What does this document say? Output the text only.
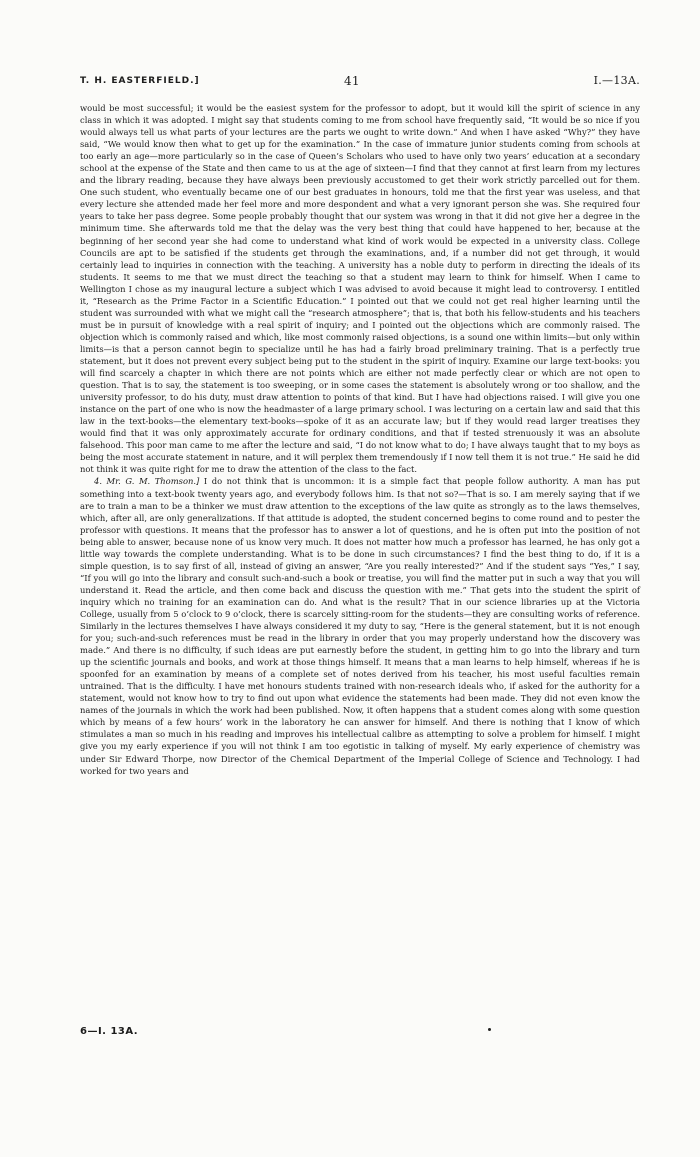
T. H. EASTERFIELD.]	41	I.—13A.

would be most successful; it would be the easiest system for the professor to adopt, but it would kill the spirit of science in any class in which it was adopted. I might say that students coming to me from school have frequently said, “It would be so nice if you would always tell us what parts of your lectures are the parts we ought to write down.” And when I have asked “Why?” they have said, “We would know then what to get up for the examination.” In the case of immature junior students coming from schools at too early an age—more particularly so in the case of Queen’s Scholars who used to have only two years’ education at a secondary school at the expense of the State and then came to us at the age of sixteen—I find that they cannot at first learn from my lectures and the library reading, because they have always been previously accustomed to get their work strictly parcelled out for them. One such student, who eventually became one of our best graduates in honours, told me that the first year was useless, and that every lecture she attended made her feel more and more despondent and what a very ignorant person she was. She required four years to take her pass degree. Some people probably thought that our system was wrong in that it did not give her a degree in the minimum time. She afterwards told me that the delay was the very best thing that could have happened to her, because at the beginning of her second year she had come to understand what kind of work would be expected in a university class. College Councils are apt to be satisfied if the students get through the examinations, and, if a number did not get through, it would certainly lead to inquiries in connection with the teaching. A university has a noble duty to perform in directing the ideals of its students. It seems to me that we must direct the teaching so that a student may learn to think for himself. When I came to Wellington I chose as my inaugural lecture a subject which I was advised to avoid because it might lead to controversy. I entitled it, “Research as the Prime Factor in a Scientific Education.” I pointed out that we could not get real higher learning until the student was surrounded with what we might call the “research atmosphere”; that is, that both his fellow-students and his teachers must be in pursuit of knowledge with a real spirit of inquiry; and I pointed out the objections which are commonly raised. The objection which is commonly raised and which, like most commonly raised objections, is a sound one within limits—but only within limits—is that a person cannot begin to specialize until he has had a fairly broad preliminary training. That is a perfectly true statement, but it does not prevent every subject being put to the student in the spirit of inquiry. Examine our large text-books: you will find scarcely a chapter in which there are not points which are either not made perfectly clear or which are not open to question. That is to say, the statement is too sweeping, or in some cases the statement is absolutely wrong or too shallow, and the university professor, to do his duty, must draw attention to points of that kind. But I have had objections raised. I will give you one instance on the part of one who is now the headmaster of a large primary school. I was lecturing on a certain law and said that this law in the text-books—the elementary text-books—spoke of it as an accurate law; but if they would read larger treatises they would find that it was only approximately accurate for ordinary conditions, and that if tested strenuously it was an absolute falsehood. This poor man came to me after the lecture and said, “I do not know what to do; I have always taught that to my boys as being the most accurate statement in nature, and it will perplex them tremendously if I now tell them it is not true.” He said he did not think it was quite right for me to draw the attention of the class to the fact.

4. Mr. G. M. Thomson.] I do not think that is uncommon: it is a simple fact that people follow authority. A man has put something into a text-book twenty years ago, and everybody follows him. Is that not so?—That is so. I am merely saying that if we are to train a man to be a thinker we must draw attention to the exceptions of the law quite as strongly as to the laws themselves, which, after all, are only generalizations. If that attitude is adopted, the student concerned begins to come round and to pester the professor with questions. It means that the professor has to answer a lot of questions, and he is often put into the position of not being able to answer, because none of us know very much. It does not matter how much a professor has learned, he has only got a little way towards the complete understanding. What is to be done in such circumstances? I find the best thing to do, if it is a simple question, is to say first of all, instead of giving an answer, “Are you really interested?” And if the student says “Yes,” I say, “If you will go into the library and consult such-and-such a book or treatise, you will find the matter put in such a way that you will understand it. Read the article, and then come back and discuss the question with me.” That gets into the student the spirit of inquiry which no training for an examination can do. And what is the result? That in our science libraries up at the Victoria College, usually from 5 o’clock to 9 o’clock, there is scarcely sitting-room for the students—they are consulting works of reference. Similarly in the lectures themselves I have always considered it my duty to say, “Here is the general statement, but it is not enough for you; such-and-such references must be read in the library in order that you may properly understand how the discovery was made.” And there is no difficulty, if such ideas are put earnestly before the student, in getting him to go into the library and turn up the scientific journals and books, and work at those things himself. It means that a man learns to help himself, whereas if he is spoonfed for an examination by means of a complete set of notes derived from his teacher, his most useful faculties remain untrained. That is the difficulty. I have met honours students trained with non-research ideals who, if asked for the authority for a statement, would not know how to try to find out upon what evidence the statements had been made. They did not even know the names of the journals in which the work had been published. Now, it often happens that a student comes along with some question which by means of a few hours’ work in the laboratory he can answer for himself. And there is nothing that I know of which stimulates a man so much in his reading and improves his intellectual calibre as attempting to solve a problem for himself. I might give you my early experience if you will not think I am too egotistic in talking of myself. My early experience of chemistry was under Sir Edward Thorpe, now Director of the Chemical Department of the Imperial College of Science and Technology. I had worked for two years and

6—I. 13A.
